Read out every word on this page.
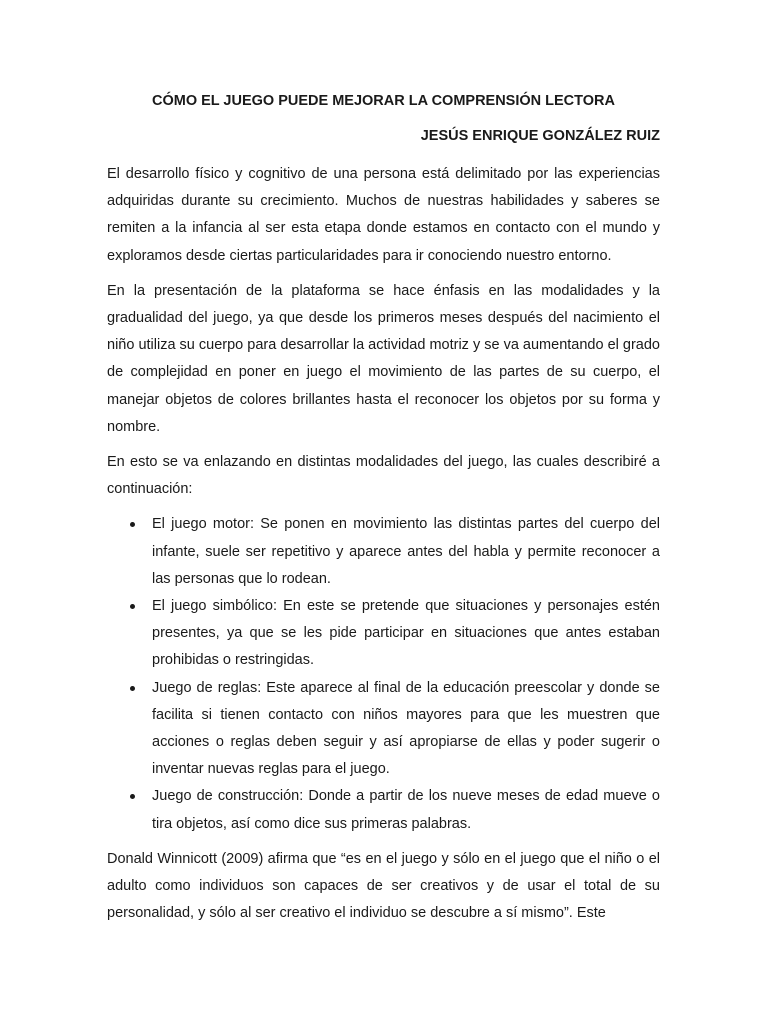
CÓMO EL JUEGO PUEDE MEJORAR LA COMPRENSIÓN LECTORA

JESÚS ENRIQUE GONZÁLEZ RUIZ

El desarrollo físico y cognitivo de una persona está delimitado por las experiencias adquiridas durante su crecimiento. Muchos de nuestras habilidades y saberes se remiten a la infancia al ser esta etapa donde estamos en contacto con el mundo y exploramos desde ciertas particularidades para ir conociendo nuestro entorno.

En la presentación de la plataforma se hace énfasis en las modalidades y la gradualidad del juego, ya que desde los primeros meses después del nacimiento el niño utiliza su cuerpo para desarrollar la actividad motriz y se va aumentando el grado de complejidad en poner en juego el movimiento de las partes de su cuerpo, el manejar objetos de colores brillantes hasta el reconocer los objetos por su forma y nombre.

En esto se va enlazando en distintas modalidades del juego, las cuales describiré a continuación:

El juego motor: Se ponen en movimiento las distintas partes del cuerpo del infante, suele ser repetitivo y aparece antes del habla y permite reconocer a las personas que lo rodean.
El juego simbólico: En este se pretende que situaciones y personajes estén presentes, ya que se les pide participar en situaciones que antes estaban prohibidas o restringidas.
Juego de reglas: Este aparece al final de la educación preescolar y donde se facilita si tienen contacto con niños mayores para que les muestren que acciones o reglas deben seguir y así apropiarse de ellas y poder sugerir o inventar nuevas reglas para el juego.
Juego de construcción: Donde a partir de los nueve meses de edad mueve o tira objetos, así como dice sus primeras palabras.

Donald Winnicott (2009) afirma que “es en el juego y sólo en el juego que el niño o el adulto como individuos son capaces de ser creativos y de usar el total de su personalidad, y sólo al ser creativo el individuo se descubre a sí mismo”. Este
